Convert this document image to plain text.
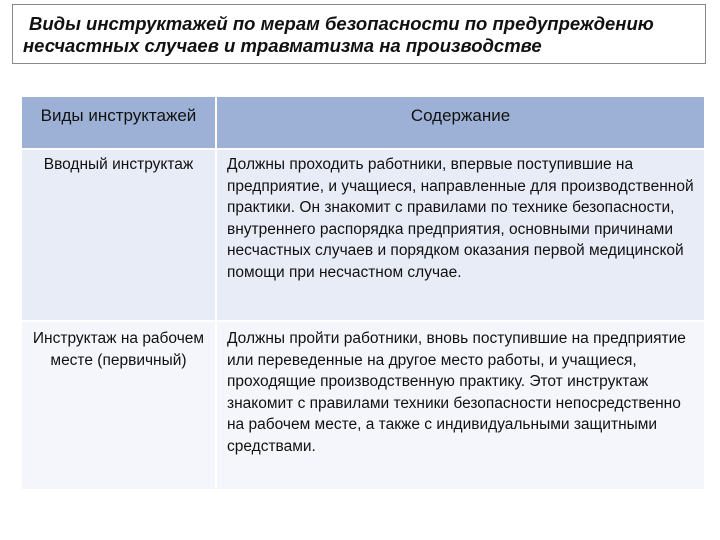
Виды инструктажей по мерам безопасности по предупреждению
несчастных случаев и травматизма на производстве

Виды инструктажей	Содержание
Вводный инструктаж	Должны проходить работники, впервые поступившие на предприятие, и учащиеся, направленные для производственной практики. Он знакомит с правилами по технике безопасности, внутреннего распорядка предприятия, основными причинами несчастных случаев и порядком оказания первой медицинской помощи при несчастном случае.
Инструктаж на рабочем месте (первичный)	Должны пройти работники, вновь поступившие на предприятие или переведенные на другое место работы, и учащиеся, проходящие производственную практику. Этот инструктаж знакомит с правилами техники безопасности непосредственно на рабочем месте, а также с индивидуальными защитными средствами.
